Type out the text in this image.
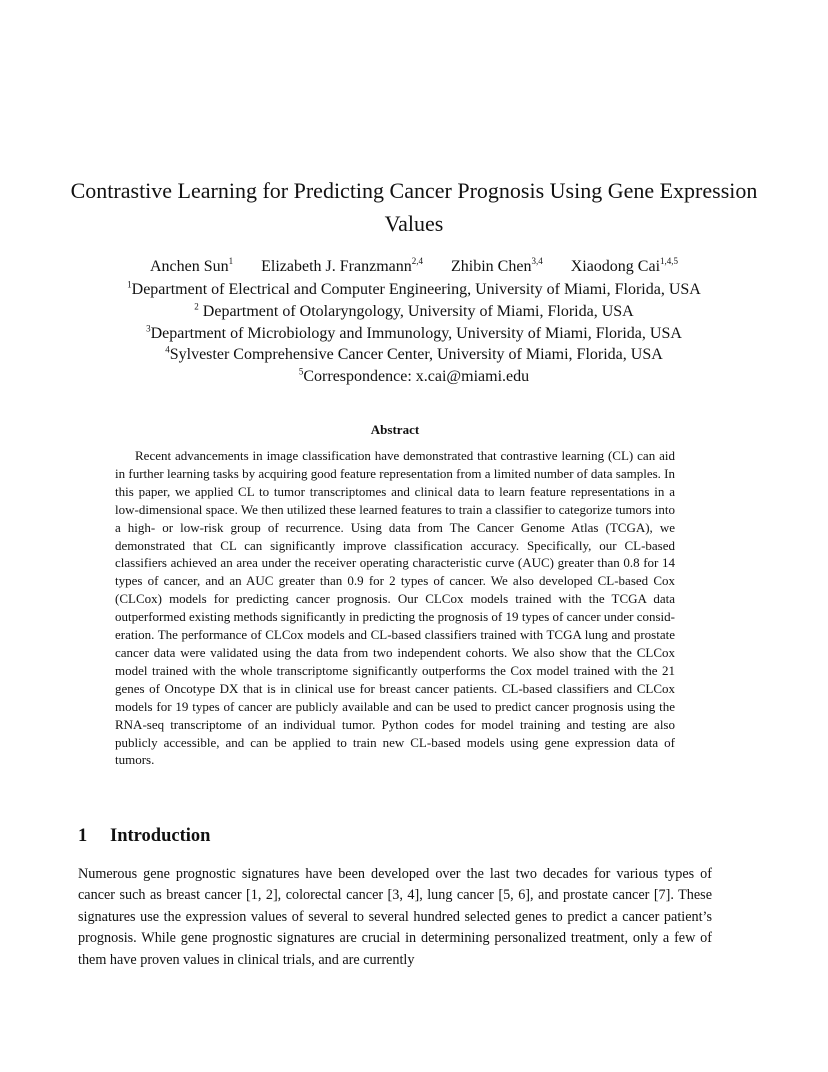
Contrastive Learning for Predicting Cancer Prognosis Using Gene Expression Values
Anchen Sun$^1$ Elizabeth J. Franzmann$^{2,4}$ Zhibin Chen$^{3,4}$ Xiaodong Cai$^{1,4,5}$
$^1$Department of Electrical and Computer Engineering, University of Miami, Florida, USA
$^2$ Department of Otolaryngology, University of Miami, Florida, USA
$^3$Department of Microbiology and Immunology, University of Miami, Florida, USA
$^4$Sylvester Comprehensive Cancer Center, University of Miami, Florida, USA
$^5$Correspondence: x.cai@miami.edu
Abstract

Recent advancements in image classification have demonstrated that contrastive learning (CL) can aid in further learning tasks by acquiring good feature representation from a limited number of data samples. In this paper, we applied CL to tumor transcriptomes and clinical data to learn feature representations in a low-dimensional space. We then utilized these learned features to train a classifier to categorize tumors into a high- or low-risk group of recurrence. Using data from The Cancer Genome Atlas (TCGA), we demonstrated that CL can significantly improve classification accuracy. Specifically, our CL-based classifiers achieved an area under the receiver operating characteristic curve (AUC) greater than 0.8 for 14 types of cancer, and an AUC greater than 0.9 for 2 types of cancer. We also developed CL-based Cox (CLCox) models for predicting cancer prognosis. Our CLCox models trained with the TCGA data outperformed existing methods significantly in predicting the prognosis of 19 types of cancer under consideration. The performance of CLCox models and CL-based classifiers trained with TCGA lung and prostate cancer data were validated using the data from two independent cohorts. We also show that the CLCox model trained with the whole transcriptome significantly outperforms the Cox model trained with the 21 genes of Oncotype DX that is in clinical use for breast cancer patients. CL-based classifiers and CLCox models for 19 types of cancer are publicly available and can be used to predict cancer prognosis using the RNA-seq transcriptome of an individual tumor. Python codes for model training and testing are also publicly accessible, and can be applied to train new CL-based models using gene expression data of tumors.

1 Introduction

Numerous gene prognostic signatures have been developed over the last two decades for various types of cancer such as breast cancer [1, 2], colorectal cancer [3, 4], lung cancer [5, 6], and prostate cancer [7]. These signatures use the expression values of several to several hundred selected genes to predict a cancer patient’s prognosis. While gene prognostic signatures are crucial in determining personalized treatment, only a few of them have proven values in clinical trials, and are currently
